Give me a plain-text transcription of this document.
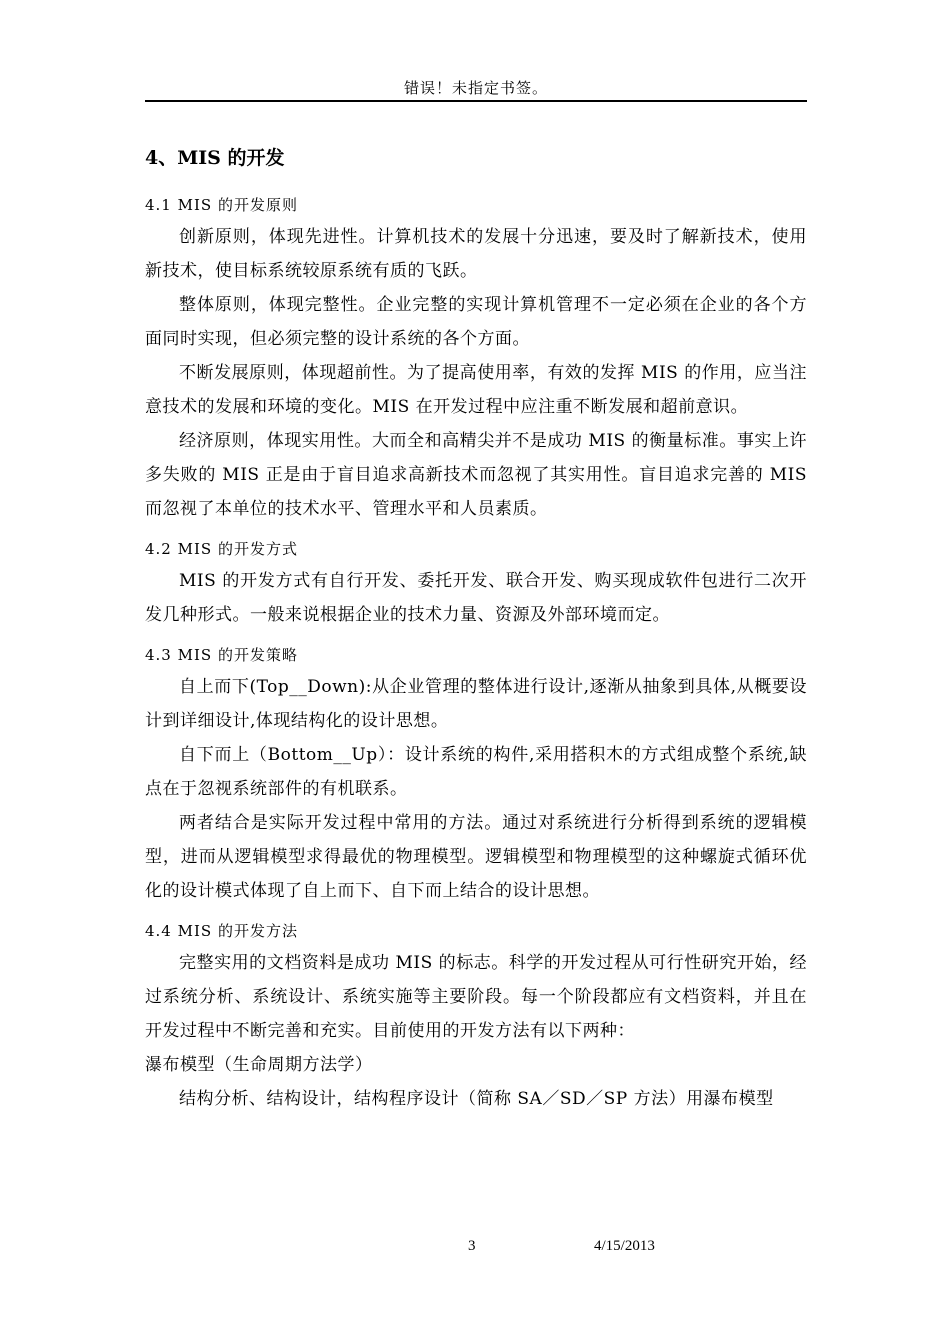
错误！未指定书签。
4、MIS 的开发
4.1 MIS 的开发原则

创新原则，体现先进性。计算机技术的发展十分迅速，要及时了解新技术，使用新技术，使目标系统较原系统有质的飞跃。

整体原则，体现完整性。企业完整的实现计算机管理不一定必须在企业的各个方面同时实现，但必须完整的设计系统的各个方面。

不断发展原则，体现超前性。为了提高使用率，有效的发挥 MIS 的作用，应当注意技术的发展和环境的变化。MIS 在开发过程中应注重不断发展和超前意识。

经济原则，体现实用性。大而全和高精尖并不是成功 MIS 的衡量标准。事实上许多失败的 MIS 正是由于盲目追求高新技术而忽视了其实用性。盲目追求完善的 MIS 而忽视了本单位的技术水平、管理水平和人员素质。

4.2 MIS 的开发方式

MIS 的开发方式有自行开发、委托开发、联合开发、购买现成软件包进行二次开发几种形式。一般来说根据企业的技术力量、资源及外部环境而定。

4.3 MIS 的开发策略

自上而下(Top__Down):从企业管理的整体进行设计,逐渐从抽象到具体,从概要设计到详细设计,体现结构化的设计思想。

自下而上（Bottom__Up）：设计系统的构件,采用搭积木的方式组成整个系统,缺点在于忽视系统部件的有机联系。

两者结合是实际开发过程中常用的方法。通过对系统进行分析得到系统的逻辑模型，进而从逻辑模型求得最优的物理模型。逻辑模型和物理模型的这种螺旋式循环优化的设计模式体现了自上而下、自下而上结合的设计思想。

4.4 MIS 的开发方法

完整实用的文档资料是成功 MIS 的标志。科学的开发过程从可行性研究开始，经过系统分析、系统设计、系统实施等主要阶段。每一个阶段都应有文档资料，并且在开发过程中不断完善和充实。目前使用的开发方法有以下两种：

瀑布模型（生命周期方法学）

结构分析、结构设计，结构程序设计（简称 SA／SD／SP 方法）用瀑布模型

3	4/15/2013
